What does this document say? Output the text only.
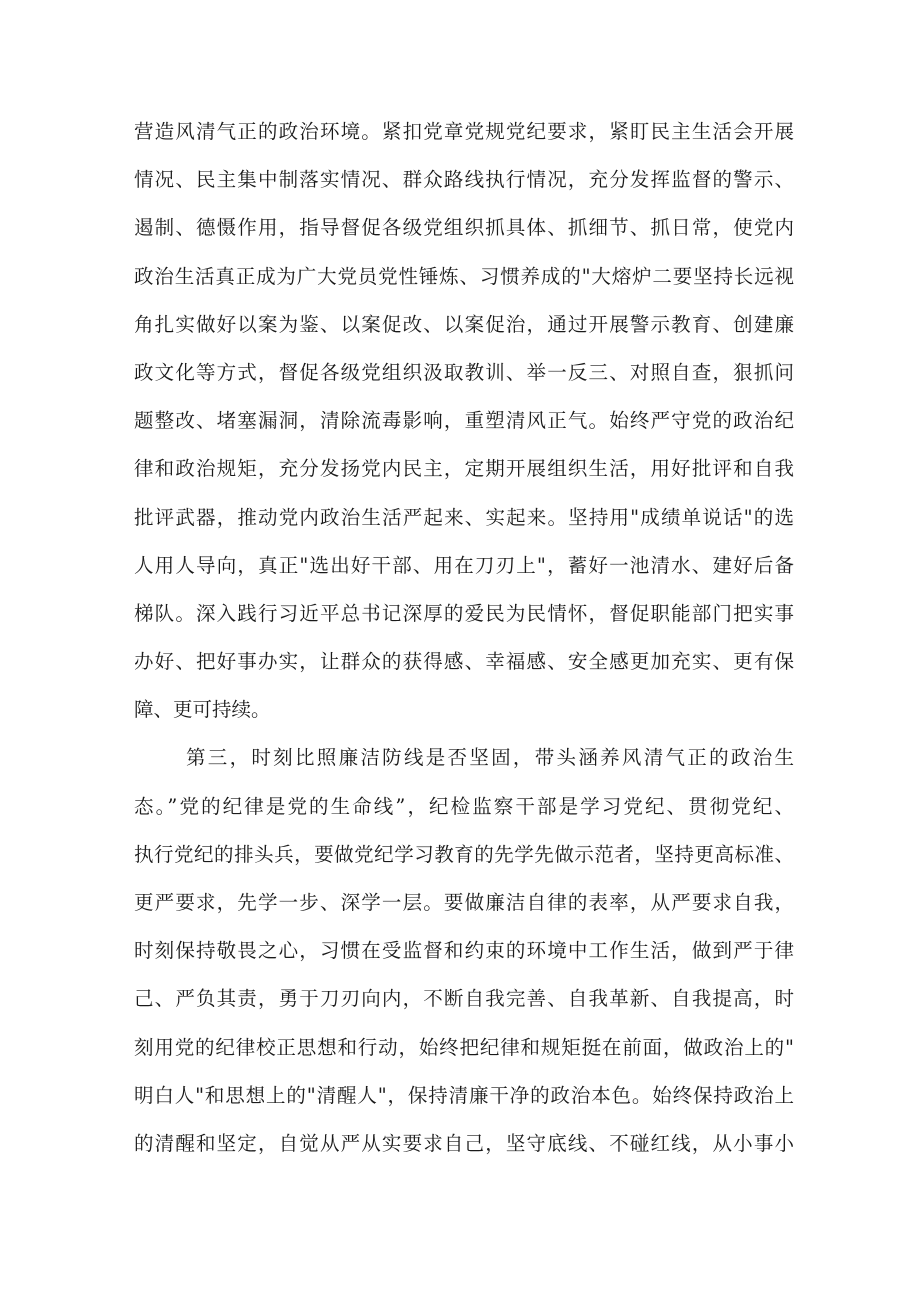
营造风清气正的政治环境。紧扣党章党规党纪要求，紧盯民主生活会开展
情况、民主集中制落实情况、群众路线执行情况，充分发挥监督的警示、
遏制、德慑作用，指导督促各级党组织抓具体、抓细节、抓日常，使党内
政治生活真正成为广大党员党性锤炼、习惯养成的"大熔炉二要坚持长远视
角扎实做好以案为鉴、以案促改、以案促治，通过开展警示教育、创建廉
政文化等方式，督促各级党组织汲取教训、举一反三、对照自查，狠抓问
题整改、堵塞漏洞，清除流毒影响，重塑清风正气。始终严守党的政治纪
律和政治规矩，充分发扬党内民主，定期开展组织生活，用好批评和自我
批评武器，推动党内政治生活严起来、实起来。坚持用"成绩单说话"的选
人用人导向，真正"选出好干部、用在刀刃上"，蓄好一池清水、建好后备
梯队。深入践行习近平总书记深厚的爱民为民情怀，督促职能部门把实事
办好、把好事办实，让群众的获得感、幸福感、安全感更加充实、更有保
障、更可持续。
第三，时刻比照廉洁防线是否坚固，带头涵养风清气正的政治生
态。”党的纪律是党的生命线”，纪检监察干部是学习党纪、贯彻党纪、
执行党纪的排头兵，要做党纪学习教育的先学先做示范者，坚持更高标准、
更严要求，先学一步、深学一层。要做廉洁自律的表率，从严要求自我，
时刻保持敬畏之心，习惯在受监督和约束的环境中工作生活，做到严于律
己、严负其责，勇于刀刃向内，不断自我完善、自我革新、自我提高，时
刻用党的纪律校正思想和行动，始终把纪律和规矩挺在前面，做政治上的"
明白人"和思想上的"清醒人"，保持清廉干净的政治本色。始终保持政治上
的清醒和坚定，自觉从严从实要求自己，坚守底线、不碰红线，从小事小
